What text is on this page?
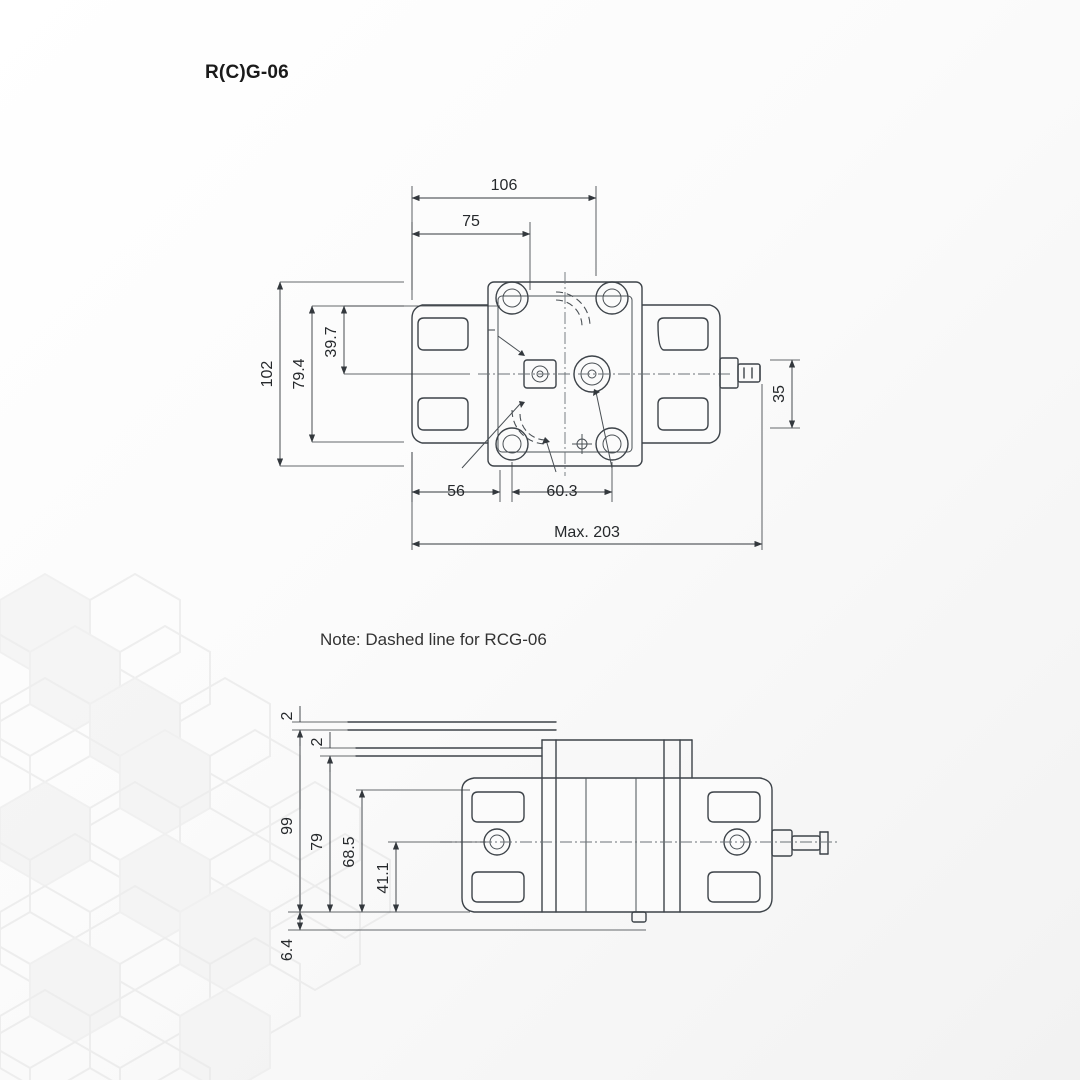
R(C)G-06
Note: Dashed line for RCG-06
106
75
102 79.4
39.7
35
56	60.3
Max. 203
2
2
99
79 68.5
41.1
6.4
